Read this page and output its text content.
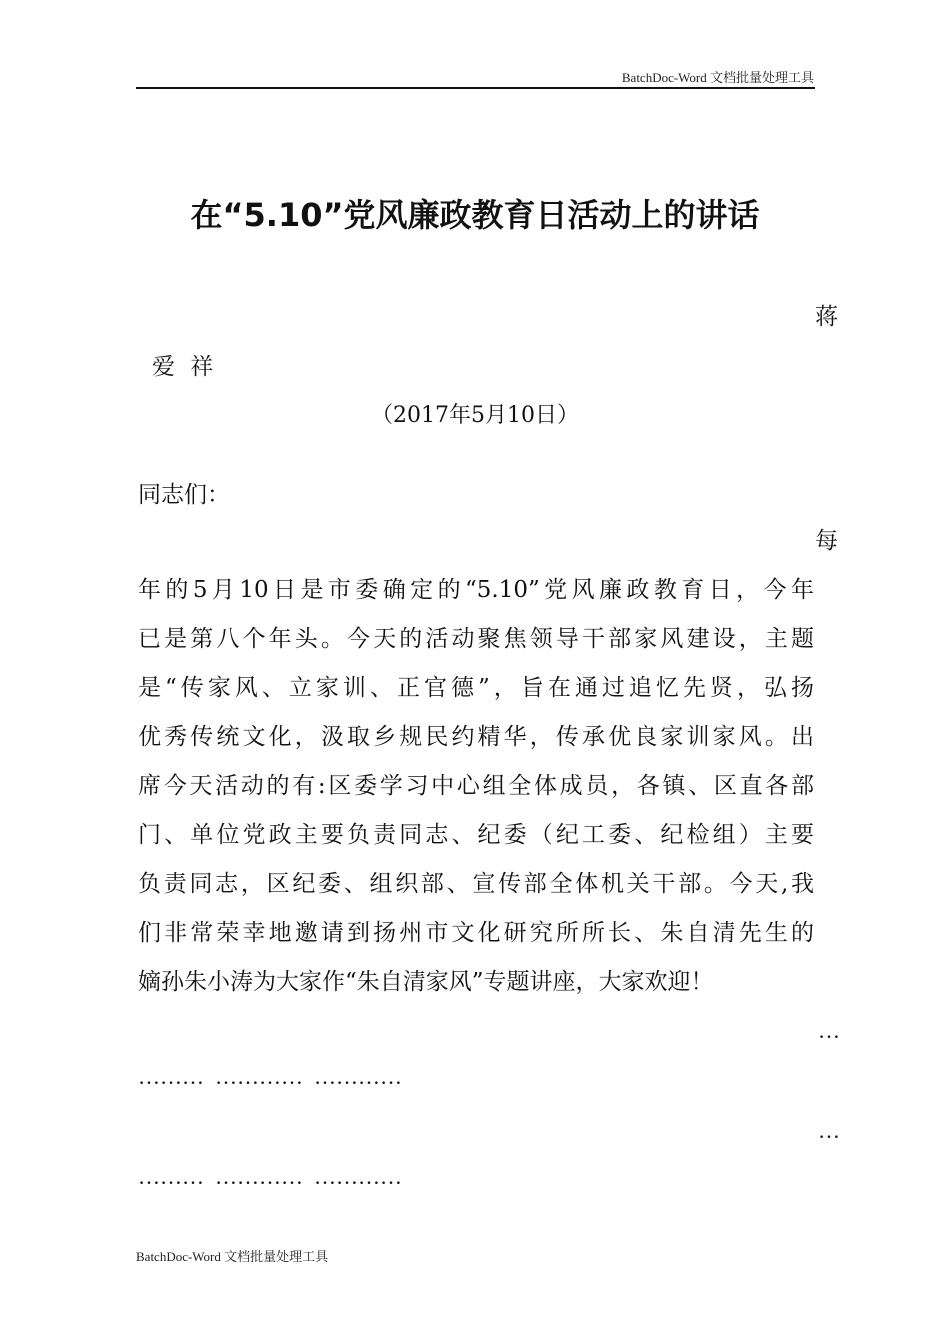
BatchDoc-Word 文档批量处理工具
在“5.10”党风廉政教育日活动上的讲话
蒋
爱 祥
（2017年5月10日）
同志们：
每
年的5月10日是市委确定的“5.10”党风廉政教育日，今年
已是第八个年头。今天的活动聚焦领导干部家风建设，主题
是“传家风、立家训、正官德”，旨在通过追忆先贤，弘扬
优秀传统文化，汲取乡规民约精华，传承优良家训家风。出
席今天活动的有:区委学习中心组全体成员，各镇、区直各部
门、单位党政主要负责同志、纪委（纪工委、纪检组）主要
负责同志，区纪委、组织部、宣传部全体机关干部。今天,我
们非常荣幸地邀请到扬州市文化研究所所长、朱自清先生的
嫡孙朱小涛为大家作“朱自清家风”专题讲座，大家欢迎！
…
………  …………  …………
…
………  …………  …………
BatchDoc-Word 文档批量处理工具
